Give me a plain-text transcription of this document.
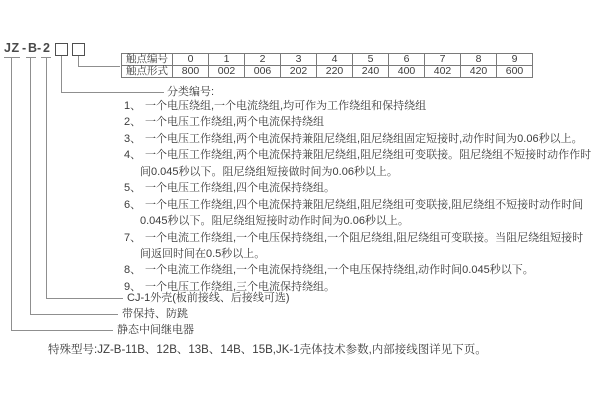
JZ - B - 2
触点编号	0	1	2	3	4	5	6	7	8	9
触点形式	800	002	006	202	220	240	400	402	420	600
分类编号:
1、 一个电压绕组,一个电流绕组,均可作为工作绕组和保持绕组
2、 一个电压工作绕组,两个电流保持绕组
3、 一个电压工作绕组,两个电流保持兼阻尼绕组,阻尼绕组固定短接时,动作时间为0.06秒以上。
4、 一个电压工作绕组,两个电流保持兼阻尼绕组,阻尼绕组可变联接。阻尼绕组不短接时动作作时
间0.045秒以下。阻尼绕组短接做时间为0.06秒以上。
5、 一个电压工作绕组,四个电流保持绕组。
6、 一个电压工作绕组,四个电流保持兼阻尼绕组,阻尼绕组可变联接,阻尼绕组不短接时动作时间
0.045秒以下。阻尼绕组短接时动作时间为0.06秒以上。
7、 一个电流工作绕组,一个电压保持绕组,一个阻尼绕组,阻尼绕组可变联接。当阻尼绕组短接时
间返回时间在0.5秒以上。
8、 一个电流工作绕组,一个电流保持绕组,一个电压保持绕组,动作时间0.045秒以下。
9、 一个电压工作绕组,三个电流保持绕组。
CJ-1外壳(板前接线、后接线可选)
带保持、防跳
静态中间继电器
特殊型号:JZ-B-11B、12B、13B、14B、15B,JK-1壳体技术参数,内部接线图详见下页。
